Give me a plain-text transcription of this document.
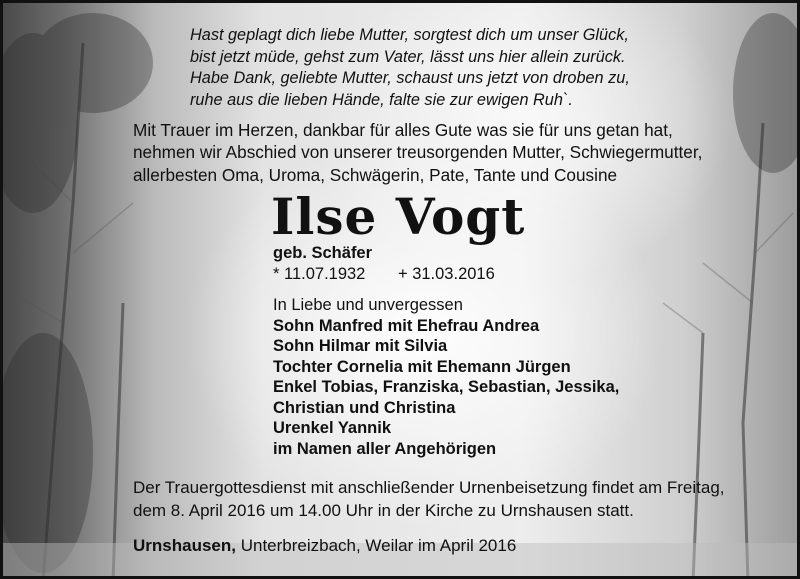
Hast geplagt dich liebe Mutter, sorgtest dich um unser Glück,
bist jetzt müde, gehst zum Vater, lässt uns hier allein zurück.
Habe Dank, geliebte Mutter, schaust uns jetzt von droben zu,
ruhe aus die lieben Hände, falte sie zur ewigen Ruh`.
Mit Trauer im Herzen, dankbar für alles Gute was sie für uns getan hat,
nehmen wir Abschied von unserer treusorgenden Mutter, Schwiegermutter,
allerbesten Oma, Uroma, Schwägerin, Pate, Tante und Cousine
Ilse Vogt
geb. Schäfer
* 11.07.1932 + 31.03.2016
In Liebe und unvergessen
Sohn Manfred mit Ehefrau Andrea
Sohn Hilmar mit Silvia
Tochter Cornelia mit Ehemann Jürgen
Enkel Tobias, Franziska, Sebastian, Jessika,
Christian und Christina
Urenkel Yannik
im Namen aller Angehörigen
Der Trauergottesdienst mit anschließender Urnenbeisetzung findet am Freitag,
dem 8. April 2016 um 14.00 Uhr in der Kirche zu Urnshausen statt.
Urnshausen, Unterbreizbach, Weilar im April 2016
